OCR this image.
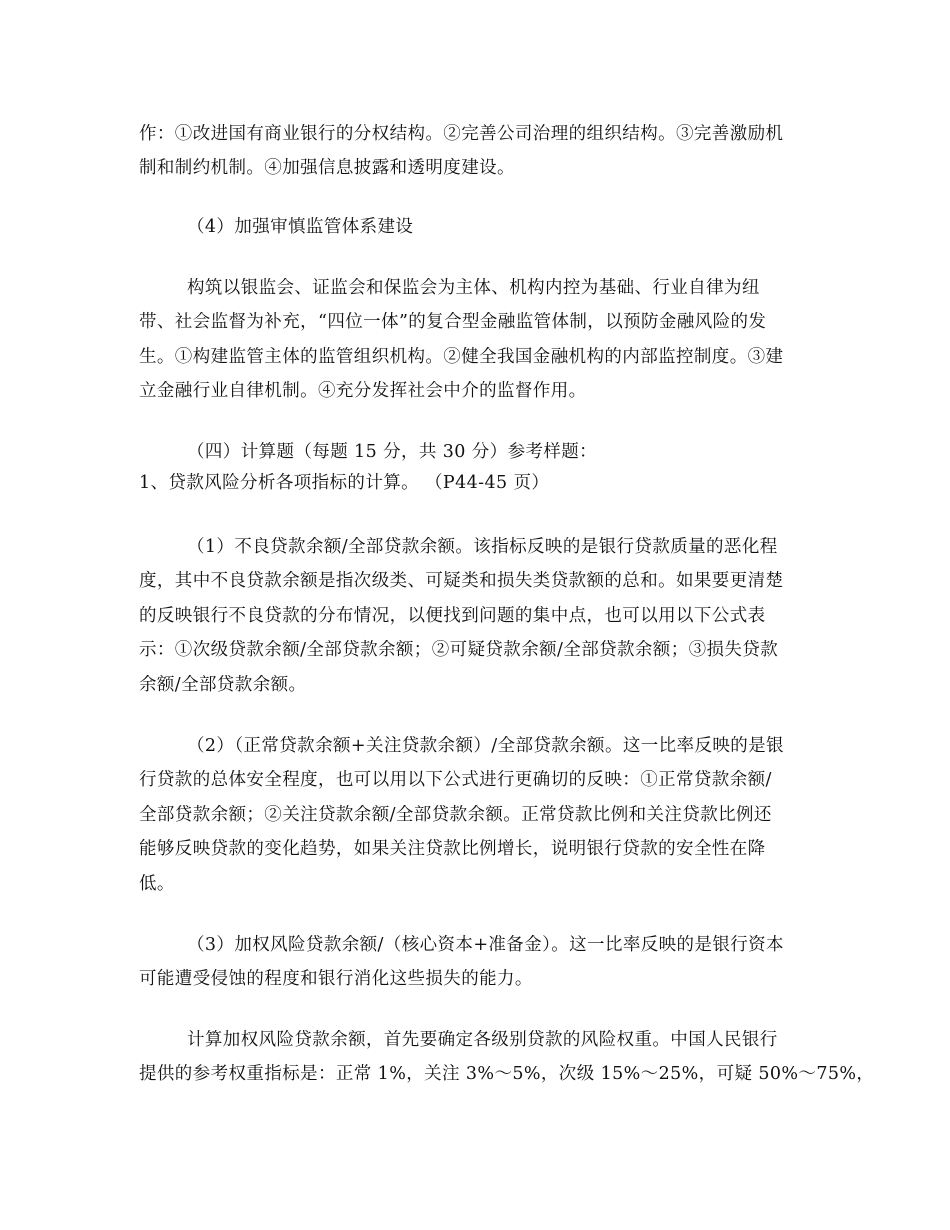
作：①改进国有商业银行的分权结构。②完善公司治理的组织结构。③完善激励机
制和制约机制。④加强信息披露和透明度建设。
（4）加强审慎监管体系建设
构筑以银监会、证监会和保监会为主体、机构内控为基础、行业自律为纽
带、社会监督为补充，“四位一体”的复合型金融监管体制，以预防金融风险的发
生。①构建监管主体的监管组织机构。②健全我国金融机构的内部监控制度。③建
立金融行业自律机制。④充分发挥社会中介的监督作用。
（四）计算题（每题 15 分，共 30 分）参考样题：
1、贷款风险分析各项指标的计算。 （P44-45 页）
（1）不良贷款余额/全部贷款余额。该指标反映的是银行贷款质量的恶化程
度，其中不良贷款余额是指次级类、可疑类和损失类贷款额的总和。如果要更清楚
的反映银行不良贷款的分布情况，以便找到问题的集中点，也可以用以下公式表
示：①次级贷款余额/全部贷款余额；②可疑贷款余额/全部贷款余额；③损失贷款
余额/全部贷款余额。
（2）（正常贷款余额+关注贷款余额）/全部贷款余额。这一比率反映的是银
行贷款的总体安全程度，也可以用以下公式进行更确切的反映：①正常贷款余额/
全部贷款余额；②关注贷款余额/全部贷款余额。正常贷款比例和关注贷款比例还
能够反映贷款的变化趋势，如果关注贷款比例增长，说明银行贷款的安全性在降
低。
（3）加权风险贷款余额/（核心资本+准备金）。这一比率反映的是银行资本
可能遭受侵蚀的程度和银行消化这些损失的能力。
计算加权风险贷款余额，首先要确定各级别贷款的风险权重。中国人民银行
提供的参考权重指标是：正常 1%，关注 3%～5%，次级 15%～25%，可疑 50%～75%，
